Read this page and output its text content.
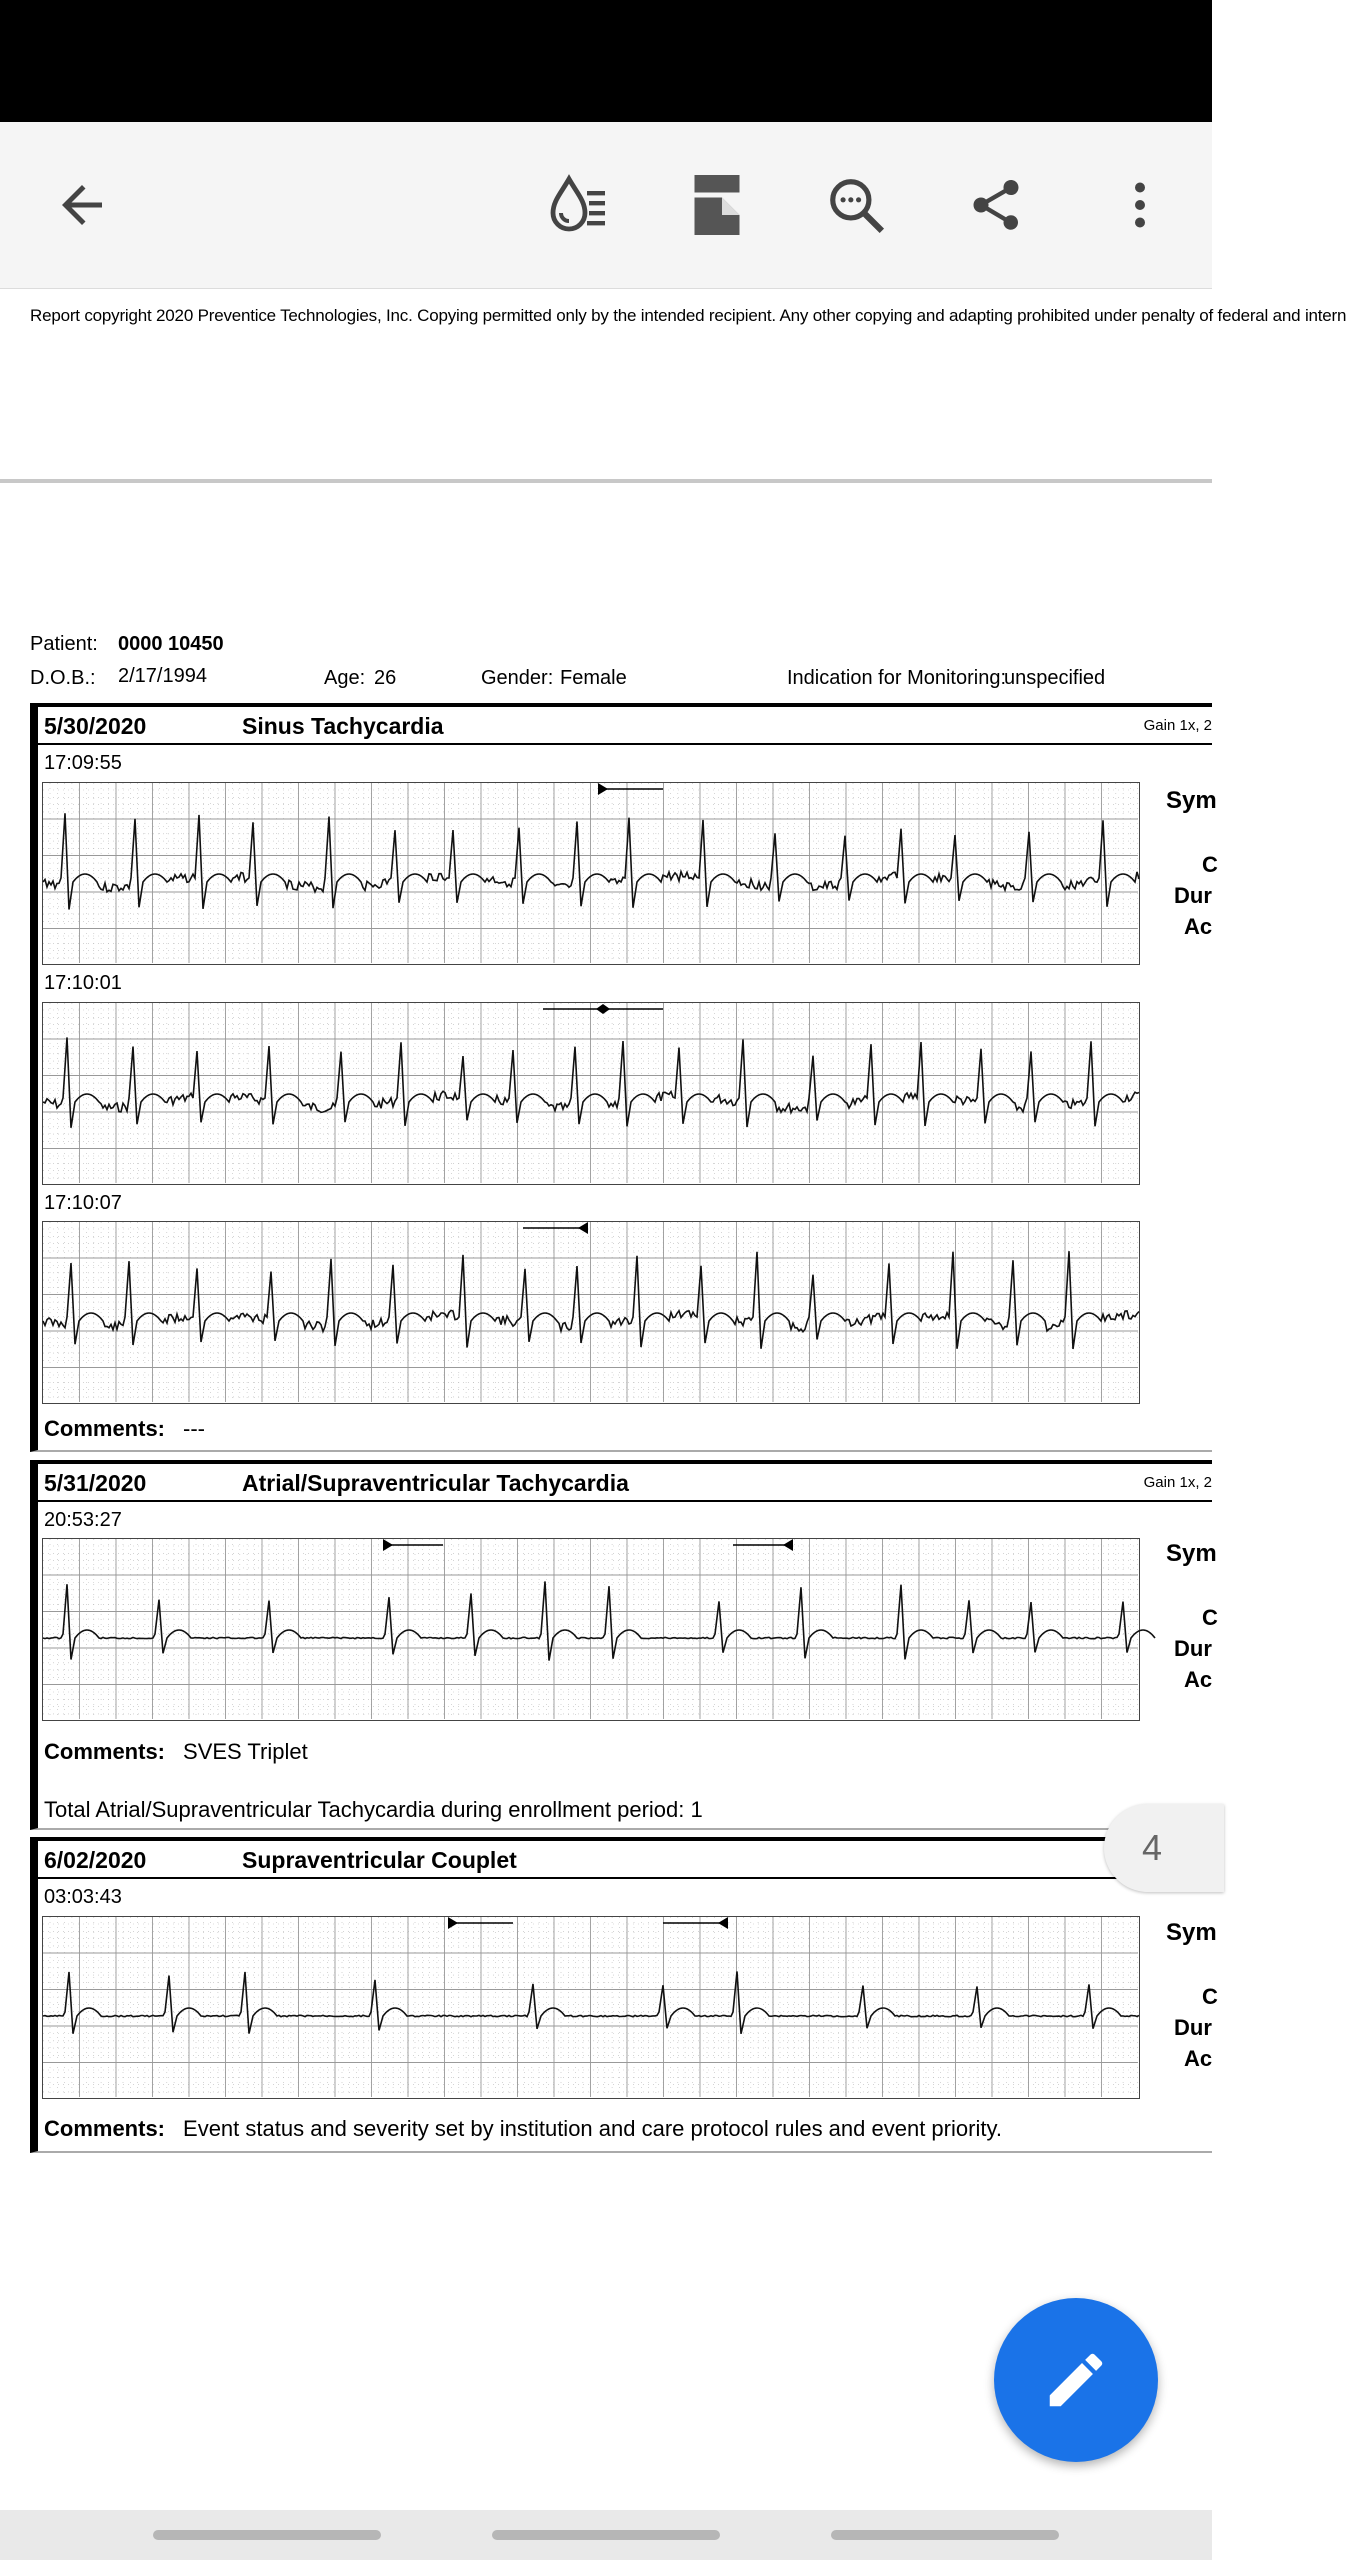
Report copyright 2020 Preventice Technologies, Inc. Copying permitted only by the intended recipient. Any other copying and adapting prohibited under penalty of federal and intern
Patient: 0000 10450
D.O.B.: 2/17/1994	Age: 26	Gender: Female	Indication for Monitoring:
unspecified
5/30/2020	Sinus Tachycardia	Gain 1x, 2
17:09:55
17:10:01
17:10:07
Sym
C
Dur
Ac
Comments: ---
5/31/2020	Atrial/Supraventricular Tachycardia	Gain 1x, 2
20:53:27
Sym
C
Dur
Ac
Comments: SVES Triplet
Total Atrial/Supraventricular Tachycardia during enrollment period: 1
6/02/2020	Supraventricular Couplet
03:03:43
Sym
C
Dur
Ac
Comments: Event status and severity set by institution and care protocol rules and event priority.
4
